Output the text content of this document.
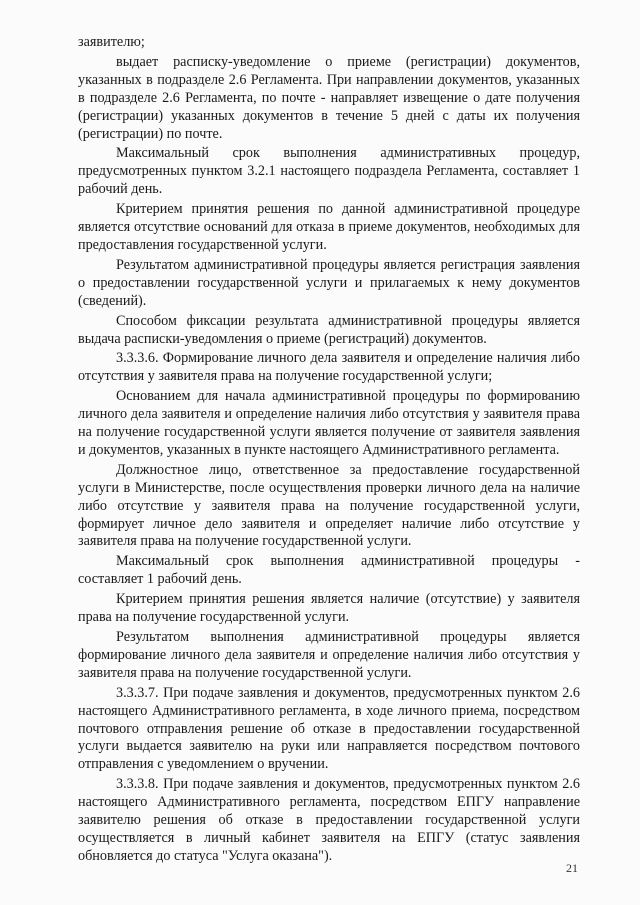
заявителю;

выдает расписку-уведомление о приеме (регистрации) документов, указанных в подразделе 2.6 Регламента. При направлении документов, указанных в подразделе 2.6 Регламента, по почте - направляет извещение о дате получения (регистрации) указанных документов в течение 5 дней с даты их получения (регистрации) по почте.

Максимальный срок выполнения административных процедур, предусмотренных пунктом 3.2.1 настоящего подраздела Регламента, составляет 1 рабочий день.

Критерием принятия решения по данной административной процедуре является отсутствие оснований для отказа в приеме документов, необходимых для предоставления государственной услуги.

Результатом административной процедуры является регистрация заявления о предоставлении государственной услуги и прилагаемых к нему документов (сведений).

Способом фиксации результата административной процедуры является выдача расписки-уведомления о приеме (регистраций) документов.

3.3.3.6. Формирование личного дела заявителя и определение наличия либо отсутствия у заявителя права на получение государственной услуги;

Основанием для начала административной процедуры по формированию личного дела заявителя и определение наличия либо отсутствия у заявителя права на получение государственной услуги является получение от заявителя заявления и документов, указанных в пункте настоящего Административного регламента.

Должностное лицо, ответственное за предоставление государственной услуги в Министерстве, после осуществления проверки личного дела на наличие либо отсутствие у заявителя права на получение государственной услуги, формирует личное дело заявителя и определяет наличие либо отсутствие у заявителя права на получение государственной услуги.

Максимальный срок выполнения административной процедуры - составляет 1 рабочий день.

Критерием принятия решения является наличие (отсутствие) у заявителя права на получение государственной услуги.

Результатом выполнения административной процедуры является формирование личного дела заявителя и определение наличия либо отсутствия у заявителя права на получение государственной услуги.

3.3.3.7. При подаче заявления и документов, предусмотренных пунктом 2.6 настоящего Административного регламента, в ходе личного приема, посредством почтового отправления решение об отказе в предоставлении государственной услуги выдается заявителю на руки или направляется посредством почтового отправления с уведомлением о вручении.

3.3.3.8. При подаче заявления и документов, предусмотренных пунктом 2.6 настоящего Административного регламента, посредством ЕПГУ направление заявителю решения об отказе в предоставлении государственной услуги осуществляется в личный кабинет заявителя на ЕПГУ (статус заявления обновляется до статуса "Услуга оказана").

21
